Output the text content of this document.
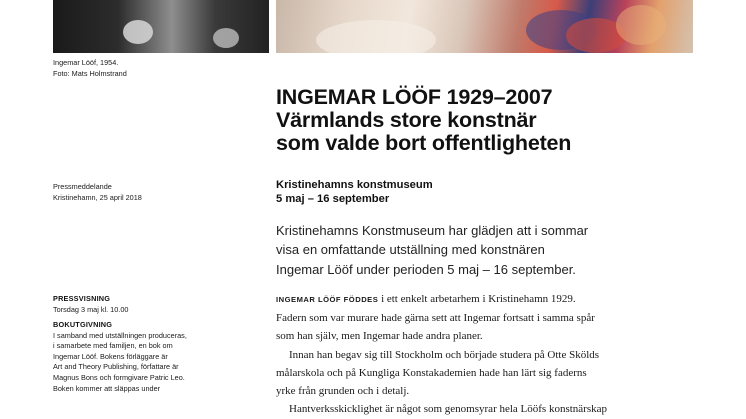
Ingemar Lööf, 1954.
Foto: Mats Holmstrand
Pressmeddelande
Kristinehamn, 25 april 2018
PRESSVISNING
Torsdag 3 maj kl. 10.00
BOKUTGIVNING
I samband med utställningen produceras,
i samarbete med familjen, en bok om
Ingemar Lööf. Bokens förläggare är
Art and Theory Publishing, författare är
Magnus Bons och formgivare Patric Leo.
Boken kommer att släppas under
INGEMAR LÖÖF 1929–2007
Värmlands store konstnär
som valde bort offentligheten
Kristinehamns konstmuseum
5 maj – 16 september
Kristinehamns Konstmuseum har glädjen att i sommar
visa en omfattande utställning med konstnären
Ingemar Lööf under perioden 5 maj – 16 september.
INGEMAR LÖÖF FÖDDES i ett enkelt arbetarhem i Kristinehamn 1929.
Fadern som var murare hade gärna sett att Ingemar fortsatt i samma spår
som han själv, men Ingemar hade andra planer.
Innan han begav sig till Stockholm och började studera på Otte Skölds
målarskola och på Kungliga Konstakademien hade han lärt sig faderns
yrke från grunden och i detalj.
Hantverksskicklighet är något som genomsyrar hela Lööfs konstnärskap
